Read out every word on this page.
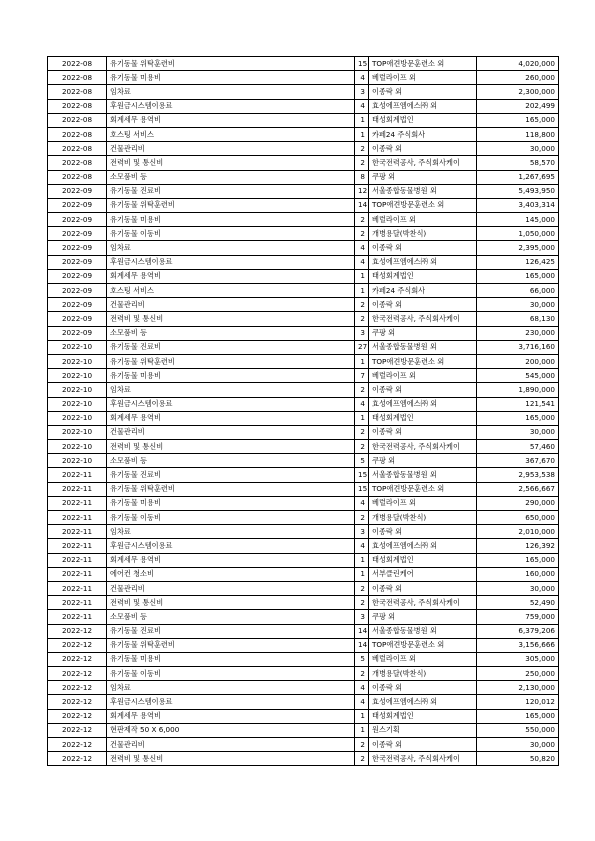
2022-08	유기동물 위탁훈련비	15	TOP애견방문훈련소 외	4,020,000
2022-08	유기동물 미용비	4	베럴라이프 외	260,000
2022-08	임차료	3	이종락 외	2,300,000
2022-08	후원금시스템이용료	4	효성에프엠에스㈜ 외	202,499
2022-08	회계세무 용역비	1	태성회계법인	165,000
2022-08	호스팅 서비스	1	카페24 주식회사	118,800
2022-08	건물관리비	2	이종락 외	30,000
2022-08	전력비 및 통신비	2	한국전력공사, 주식회사케이	58,570
2022-08	소모품비 등	8	쿠팡 외	1,267,695
2022-09	유기동물 진료비	12	서울종합동물병원 외	5,493,950
2022-09	유기동물 위탁훈련비	14	TOP애견방문훈련소 외	3,403,314
2022-09	유기동물 미용비	2	베럴라이프 외	145,000
2022-09	유기동물 이동비	2	개병용달(박찬식)	1,050,000
2022-09	임차료	4	이종락 외	2,395,000
2022-09	후원금시스템이용료	4	효성에프엠에스㈜ 외	126,425
2022-09	회계세무 용역비	1	태성회계법인	165,000
2022-09	호스팅 서비스	1	카페24 주식회사	66,000
2022-09	건물관리비	2	이종락 외	30,000
2022-09	전력비 및 통신비	2	한국전력공사, 주식회사케이	68,130
2022-09	소모품비 등	3	쿠팡 외	230,000
2022-10	유기동물 진료비	27	서울종합동물병원 외	3,716,160
2022-10	유기동물 위탁훈련비	1	TOP애견방문훈련소 외	200,000
2022-10	유기동물 미용비	7	베럴라이프 외	545,000
2022-10	임차료	2	이종락 외	1,890,000
2022-10	후원금시스템이용료	4	효성에프엠에스㈜ 외	121,541
2022-10	회계세무 용역비	1	태성회계법인	165,000
2022-10	건물관리비	2	이종락 외	30,000
2022-10	전력비 및 통신비	2	한국전력공사, 주식회사케이	57,460
2022-10	소모품비 등	5	쿠팡 외	367,670
2022-11	유기동물 진료비	15	서울종합동물병원 외	2,953,538
2022-11	유기동물 위탁훈련비	15	TOP애견방문훈련소 외	2,566,667
2022-11	유기동물 미용비	4	베럴라이프 외	290,000
2022-11	유기동물 이동비	2	개병용달(박찬식)	650,000
2022-11	임차료	3	이종락 외	2,010,000
2022-11	후원금시스템이용료	4	효성에프엠에스㈜ 외	126,392
2022-11	회계세무 용역비	1	태성회계법인	165,000
2022-11	에어컨 청소비	1	서부클린케어	160,000
2022-11	건물관리비	2	이종락 외	30,000
2022-11	전력비 및 통신비	2	한국전력공사, 주식회사케이	52,490
2022-11	소모품비 등	3	쿠팡 외	759,000
2022-12	유기동물 진료비	14	서울종합동물병원 외	6,379,206
2022-12	유기동물 위탁훈련비	14	TOP애견방문훈련소 외	3,156,666
2022-12	유기동물 미용비	5	베럴라이프 외	305,000
2022-12	유기동물 이동비	2	개병용달(박찬식)	250,000
2022-12	임차료	4	이종락 외	2,130,000
2022-12	후원금시스템이용료	4	효성에프엠에스㈜ 외	120,012
2022-12	회계세무 용역비	1	태성회계법인	165,000
2022-12	현판제작 50 X 6,000	1	원스기획	550,000
2022-12	건물관리비	2	이종락 외	30,000
2022-12	전력비 및 통신비	2	한국전력공사, 주식회사케이	50,820
